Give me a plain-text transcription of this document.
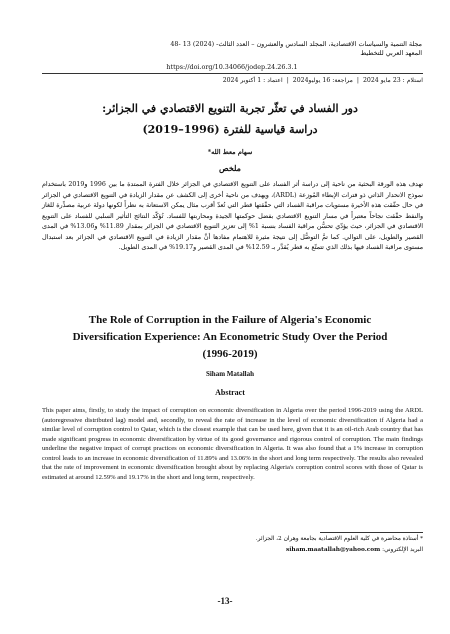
مجلة التنمية والسياسات الاقتصادية، المجلد السادس والعشرون – العدد الثالث- (2024) 13 -48
المعهد العربي للتخطيط
https://doi.org/10.34066/jodep.24.26.3.1
استلام : 23 مايو 2024|مراجعة: 16 يوليو2024|اعتماد : 1 أكتوبر 2024
دور الفساد في تعثّر تجربة التنويع الاقتصادي في الجزائر:
دراسة قياسية للفترة (1996–2019)
سهام معط الله*
ملخص
تهدف هذه الورقة البحثية من ناحية إلى دراسة أثر الفساد على التنويع الاقتصادي في الجزائر خلال الفترة الممتدة ما بين 1996 و2019 باستخدام نموذج الانحدار الذاتي ذو فترات الإبطاء المُوزعة (ARDL)، ويهدف من ناحية أخرى إلى الكشف عن مقدار الزيادة في التنويع الاقتصادي في الجزائر في حال حقّقت هذه الأخيرة مستويات مراقبة الفساد التي حقّقتها قطر التي تُعدّ أقرب مثال يمكن الاستعانة به نظراً لكونها دولة عربية مصدِّرة للغاز والنفط حقّقت نجاحاً معتبراً في مسار التنويع الاقتصادي بفضل حوكمتها الجيدة ومحاربتها للفساد. تُؤكّد النتائج التأثير السلبي للفساد على التنويع الاقتصادي في الجزائر، حيث يؤدّي تحسُّن مراقبة الفساد بنسبة 1% إلى تعزيز التنويع الاقتصادي في الجزائر بمقدار 11.89% و13.06% في المدى القصير والطويل، على التوالي. كما تمَّ التوصُّل إلى نتيجة مثيرة للاهتمام مفادها أنَّ مقدار الزيادة في التنويع الاقتصادي في الجزائر بعد استبدال مستوى مراقبة الفساد فيها بذلك الذي تتمتّع به قطر يُقدَّر بـ 12.59% في المدى القصير و19.17% في المدى الطويل.
The Role of Corruption in the Failure of Algeria's Economic Diversification Experience: An Econometric Study Over the Period (1996-2019)
Siham Matallah
Abstract
This paper aims, firstly, to study the impact of corruption on economic diversification in Algeria over the period 1996-2019 using the ARDL (autoregressive distributed lag) model and, secondly, to reveal the rate of increase in the level of economic diversification if Algeria had a similar level of corruption control to Qatar, which is the closest example that can be used here, given that it is an oil-rich Arab country that has made significant progress in economic diversification by virtue of its good governance and rigorous control of corruption. The main findings underline the negative impact of corrupt practices on economic diversification in Algeria. It was also found that a 1% increase in corruption control leads to an increase in economic diversification of 11.89% and 13.06% in the short and long term respectively. The results also revealed that the rate of improvement in economic diversification brought about by replacing Algeria's corruption control scores with those of Qatar is estimated at around 12.59% and 19.17% in the short and long term, respectively.
* أستاذة محاضرة في كلية العلوم الاقتصادية بجامعة وهران 2، الجزائر.
البريد الإلكتروني: siham.maatallah@yahoo.com
-13-
